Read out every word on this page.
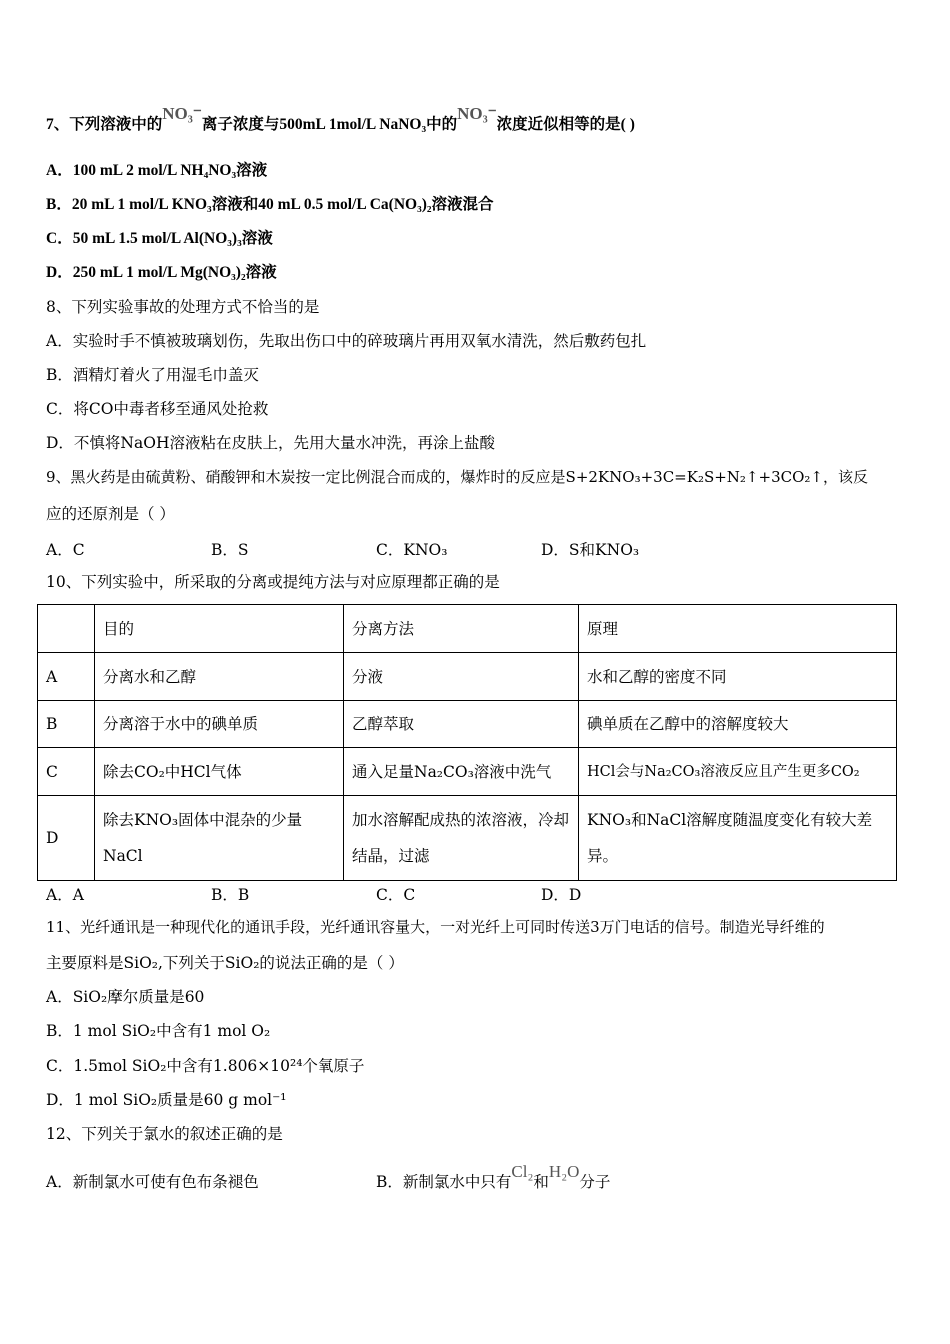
7、下列溶液中的NO₃⁻离子浓度与500mL 1mol/L NaNO₃中的NO₃⁻浓度近似相等的是( )
A．100 mL 2 mol/L NH₄NO₃溶液
B．20 mL 1 mol/L KNO₃溶液和40 mL 0.5 mol/L Ca(NO₃)₂溶液混合
C．50 mL 1.5 mol/L Al(NO₃)₃溶液
D．250 mL 1 mol/L Mg(NO₃)₂溶液
8、下列实验事故的处理方式不恰当的是
A．实验时手不慎被玻璃划伤，先取出伤口中的碎玻璃片再用双氧水清洗，然后敷药包扎
B．酒精灯着火了用湿毛巾盖灭
C．将CO中毒者移至通风处抢救
D．不慎将NaOH溶液粘在皮肤上，先用大量水冲洗，再涂上盐酸
9、黑火药是由硫黄粉、硝酸钾和木炭按一定比例混合而成的，爆炸时的反应是S+2KNO₃+3C=K₂S+N₂↑+3CO₂↑，该反
应的还原剂是（ ）
A．C	B．S	C．KNO₃	D．S和KNO₃
10、下列实验中，所采取的分离或提纯方法与对应原理都正确的是
	目的	分离方法	原理
A	分离水和乙醇	分液	水和乙醇的密度不同
B	分离溶于水中的碘单质	乙醇萃取	碘单质在乙醇中的溶解度较大
C	除去CO₂中HCl气体	通入足量Na₂CO₃溶液中洗气	HCl会与Na₂CO₃溶液反应且产生更多CO₂
D	除去KNO₃固体中混杂的少量NaCl	加水溶解配成热的浓溶液，冷却结晶，过滤	KNO₃和NaCl溶解度随温度变化有较大差异。
A．A	B．B	C．C	D．D
11、光纤通讯是一种现代化的通讯手段，光纤通讯容量大，一对光纤上可同时传送3万门电话的信号。制造光导纤维的
主要原料是SiO₂,下列关于SiO₂的说法正确的是（ ）
A．SiO₂摩尔质量是60
B．1 mol SiO₂中含有1 mol O₂
C．1.5mol SiO₂中含有1.806×10²⁴个氧原子
D．1 mol SiO₂质量是60 g mol⁻¹
12、下列关于氯水的叙述正确的是
A．新制氯水可使有色布条褪色	B．新制氯水中只有Cl₂和H₂O分子
